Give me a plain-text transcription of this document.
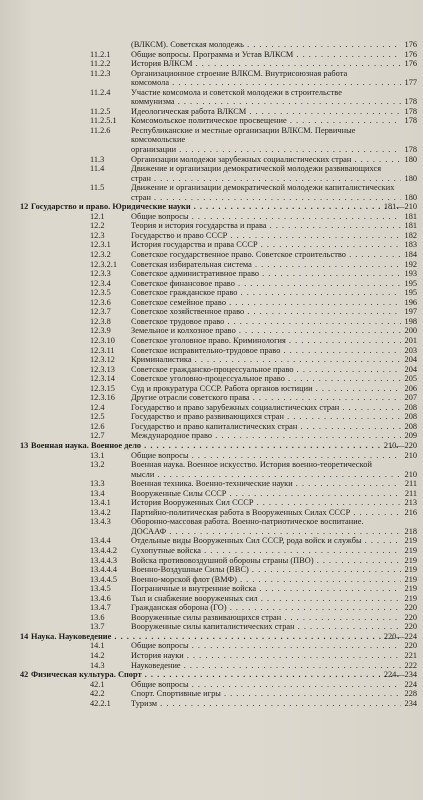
(ВЛКСМ). Советская молодежь . . .	176
11.2.1 Общие вопросы. Программа и Устав ВЛКСМ . . .	176
11.2.2 История ВЛКСМ . . .	176
11.2.3 Организационное строение ВЛКСМ. Внутрисоюзная работа комсомола . . .	177
11.2.4 Участие комсомола и советской молодежи в строительстве коммунизма . . .	178
11.2.5 Идеологическая работа ВЛКСМ . . .	178
11.2.5.1 Комсомольское политическое просвещение . . .	178
11.2.6 Республиканские и местные организации ВЛКСМ. Первичные комсомольские организации . . .	178
11.3	Организации молодежи зарубежных социалистических стран . . .	180
11.4	Движение и организации демократической молодежи развивающихся стран . . .	180
11.5	Движение и организации демократической молодежи капиталистических стран . . .	180
12 Государство и право. Юридические науки . . .	181—210
12.1	Общие вопросы . . .	181
12.2	Теория и история государства и права . . .	181
12.3	Государство и право СССР . . .	182
12.3.1 История государства и права СССР . . .	183
12.3.2 Советское государственное право. Советское строительство . . .	184
12.3.2.1 Советская избирательная система . . .	192
12.3.3 Советское административное право . . .	193
12.3.4 Советское финансовое право . . .	195
12.3.5 Советское гражданское право . . .	195
12.3.6 Советское семейное право . . .	196
12.3.7 Советское хозяйственное право . . .	197
12.3.8 Советское трудовое право . . .	198
12.3.9 Земельное и колхозное право . . .	200
12.3.10 Советское уголовное право. Криминология . . .	201
12.3.11 Советское исправительно-трудовое право . . .	203
12.3.12 Криминалистика . . .	204
12.3.13 Советское гражданско-процессуальное право . . .	204
12.3.14 Советское уголовно-процессуальное право . . .	205
12.3.15 Суд и прокуратура СССР. Работа органов юстиции . . .	206
12.3.16 Другие отрасли советского права . . .	207
12.4	Государство и право зарубежных социалистических стран . . .	208
12.5	Государство и право развивающихся стран . . .	208
12.6	Государство и право капиталистических стран . . .	208
12.7	Международное право . . .	209
13 Военная наука. Военное дело . . .	210—220
13.1	Общие вопросы . . .	210
13.2	Военная наука. Военное искусство. История военно-теоретической мысли . . .	210
13.3	Военная техника. Военно-технические науки . . .	211
13.4	Вооруженные Силы СССР . . .	211
13.4.1 История Вооруженных Сил СССР . . .	213
13.4.2 Партийно-политическая работа в Вооруженных Силах СССР . . .	216
13.4.3 Оборонно-массовая работа. Военно-патриотическое воспитание. ДОСААФ . . .	218
13.4.4 Отдельные виды Вооруженных Сил СССР, рода войск и службы . . .	219
13.4.4.2 Сухопутные войска . . .	219
13.4.4.3 Войска противовоздушной обороны страны (ПВО) . . .	219
13.4.4.4 Военно-Воздушные Силы (ВВС) . . .	219
13.4.4.5 Военно-морской флот (ВМФ) . . .	219
13.4.5 Пограничные и внутренние войска . . .	219
13.4.6 Тыл и снабжение вооруженных сил . . .	219
13.4.7 Гражданская оборона (ГО) . . .	220
13.6	Вооруженные силы развивающихся стран . . .	220
13.7	Вооруженные силы капиталистических стран . . .	220
14 Наука. Науковедение . . .	220—224
14.1	Общие вопросы . . .	220
14.2	История науки . . .	221
14.3	Науковедение . . .	222
42 Физическая культура. Спорт . . .	224—234
42.1	Общие вопросы . . .	224
42.2	Спорт. Спортивные игры . . .	228
42.2.1 Туризм . . .	234
